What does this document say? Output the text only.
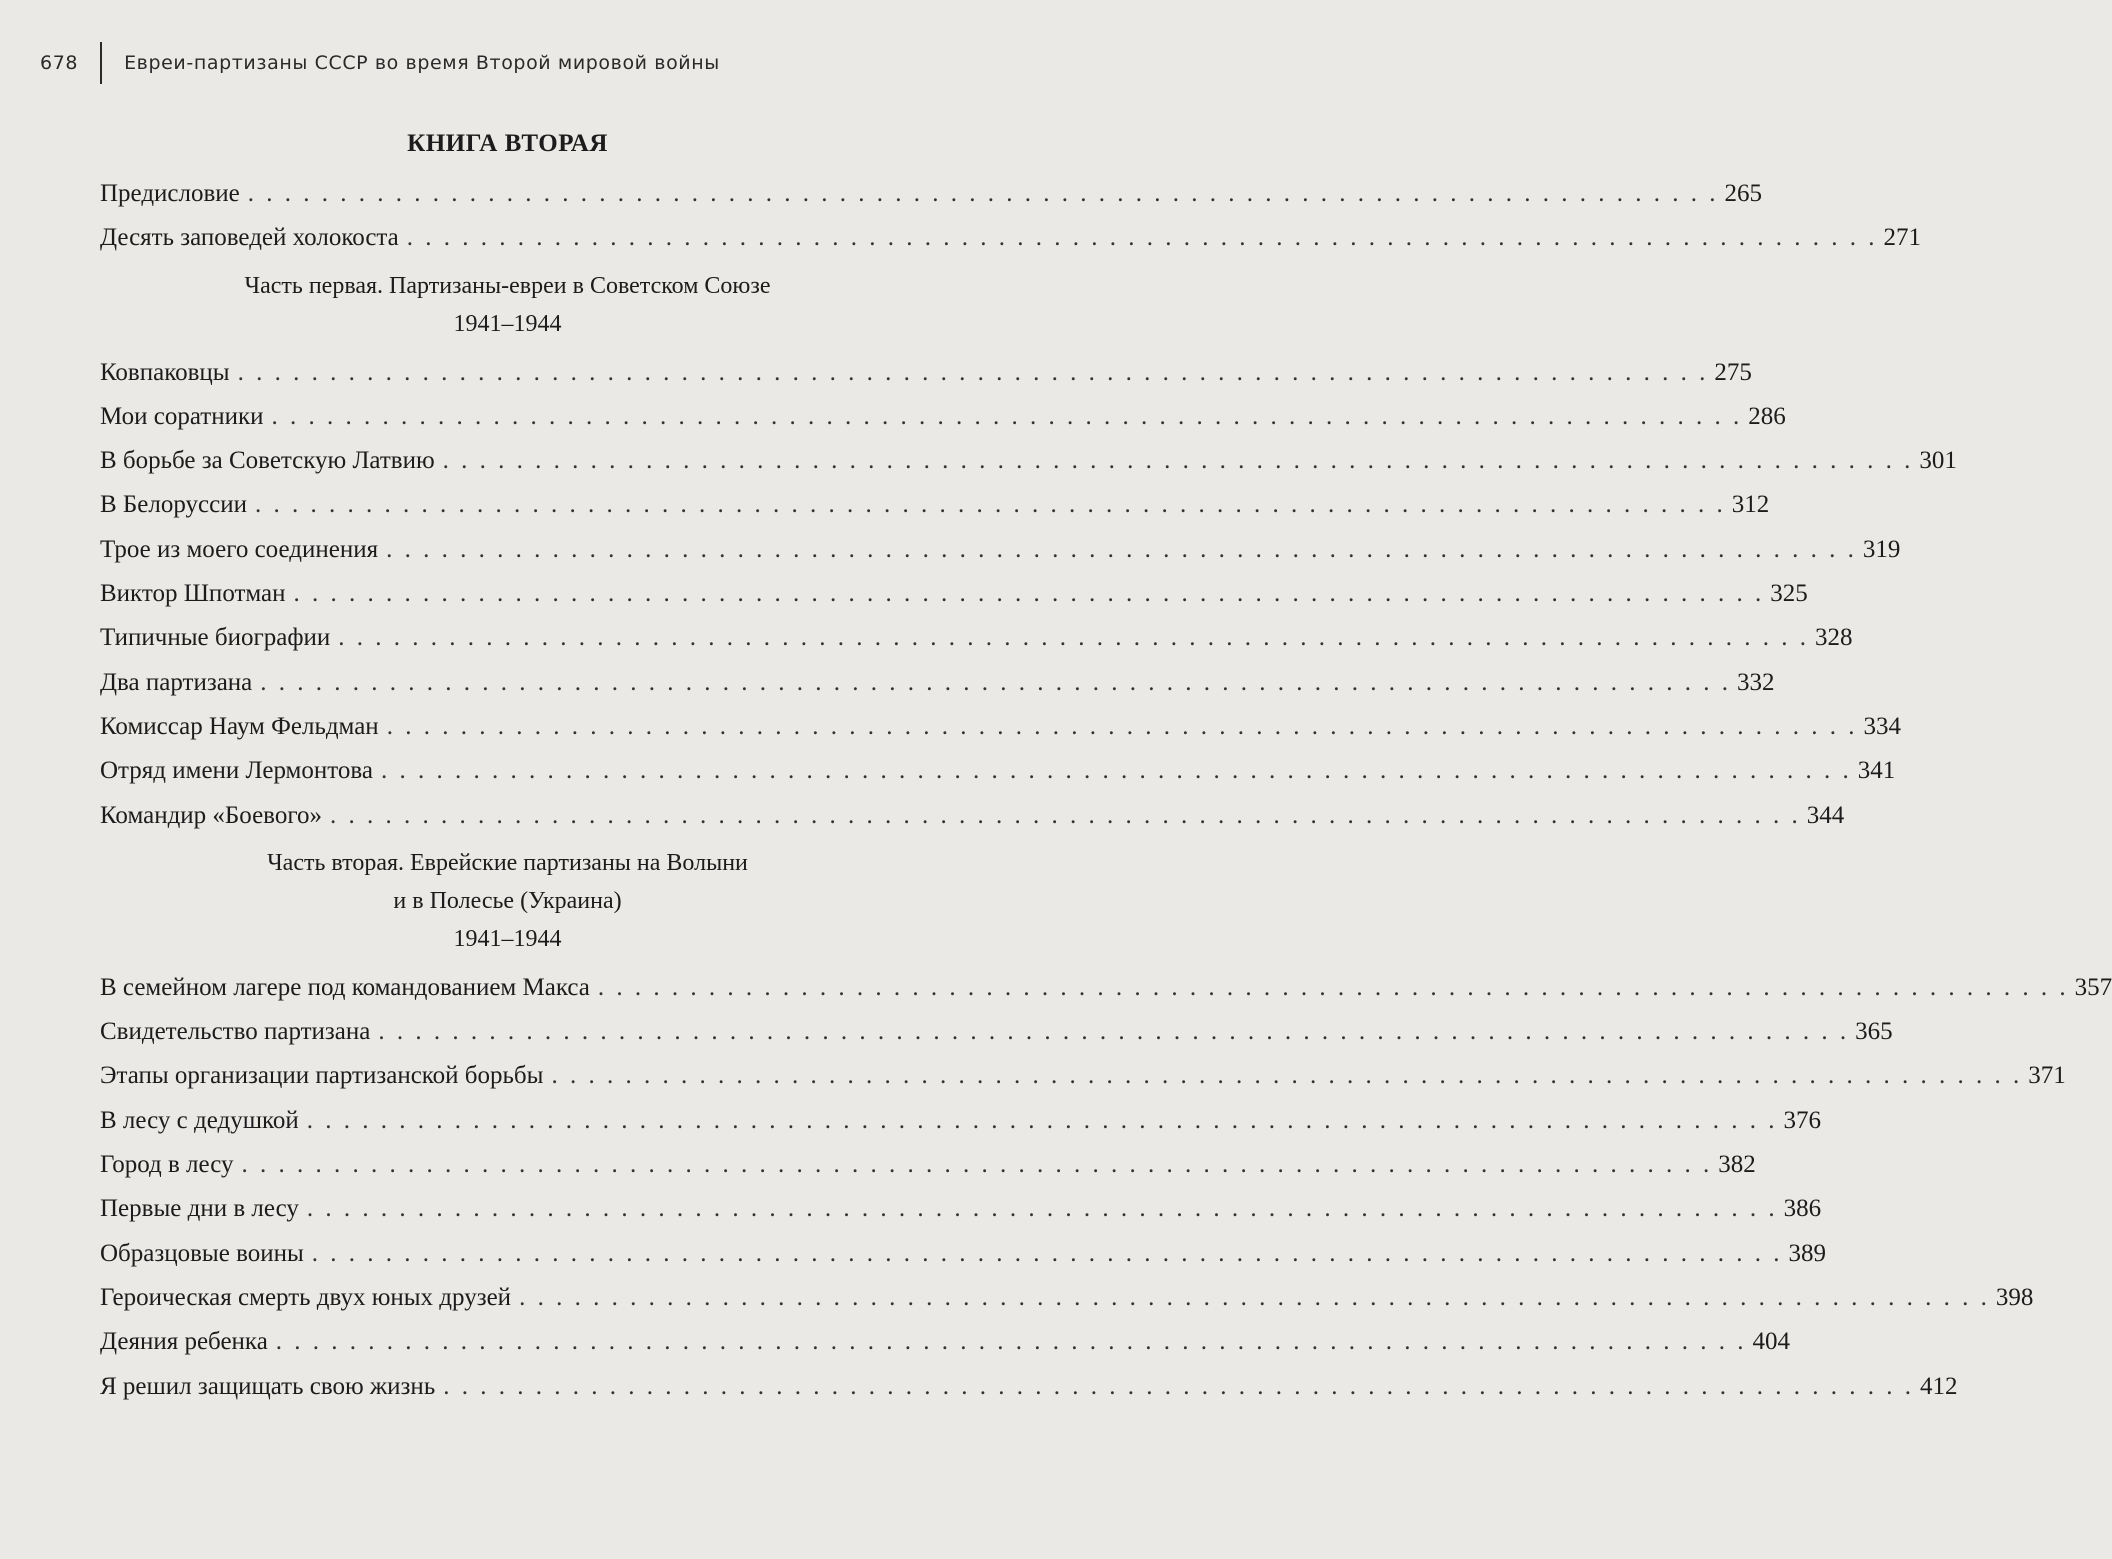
678 Евреи-партизаны СССР во время Второй мировой войны
КНИГА ВТОРАЯ
Предисловие . . . . . . . . . . . . . . . . . . . . . . . . . . . . . . . . . . . . . . . . . . . . . . . . . . . . . . . . . . . . . . . . . . . . . . . . . . . . . . . . 265
Десять заповедей холокоста . . . . . . . . . . . . . . . . . . . . . . . . . . . . . . . . . . . . . . . . . . . . . . . . . . . . . . . . . . . . . . . . . . . . . . . . . . . . . . . . 271
Часть первая. Партизаны-евреи в Советском Союзе
1941–1944
Ковпаковцы . . . . . . . . . . . . . . . . . . . . . . . . . . . . . . . . . . . . . . . . . . . . . . . . . . . . . . . . . . . . . . . . . . . . . . . . . . . . . . . . 275
Мои соратники . . . . . . . . . . . . . . . . . . . . . . . . . . . . . . . . . . . . . . . . . . . . . . . . . . . . . . . . . . . . . . . . . . . . . . . . . . . . . . . . 286
В борьбе за Советскую Латвию . . . . . . . . . . . . . . . . . . . . . . . . . . . . . . . . . . . . . . . . . . . . . . . . . . . . . . . . . . . . . . . . . . . . . . . . . . . . . . . . 301
В Белоруссии . . . . . . . . . . . . . . . . . . . . . . . . . . . . . . . . . . . . . . . . . . . . . . . . . . . . . . . . . . . . . . . . . . . . . . . . . . . . . . . . 312
Трое из моего соединения . . . . . . . . . . . . . . . . . . . . . . . . . . . . . . . . . . . . . . . . . . . . . . . . . . . . . . . . . . . . . . . . . . . . . . . . . . . . . . . . 319
Виктор Шпотман . . . . . . . . . . . . . . . . . . . . . . . . . . . . . . . . . . . . . . . . . . . . . . . . . . . . . . . . . . . . . . . . . . . . . . . . . . . . . . . . 325
Типичные биографии . . . . . . . . . . . . . . . . . . . . . . . . . . . . . . . . . . . . . . . . . . . . . . . . . . . . . . . . . . . . . . . . . . . . . . . . . . . . . . . . 328
Два партизана . . . . . . . . . . . . . . . . . . . . . . . . . . . . . . . . . . . . . . . . . . . . . . . . . . . . . . . . . . . . . . . . . . . . . . . . . . . . . . . . 332
Комиссар Наум Фельдман . . . . . . . . . . . . . . . . . . . . . . . . . . . . . . . . . . . . . . . . . . . . . . . . . . . . . . . . . . . . . . . . . . . . . . . . . . . . . . . . 334
Отряд имени Лермонтова . . . . . . . . . . . . . . . . . . . . . . . . . . . . . . . . . . . . . . . . . . . . . . . . . . . . . . . . . . . . . . . . . . . . . . . . . . . . . . . . 341
Командир «Боевого» . . . . . . . . . . . . . . . . . . . . . . . . . . . . . . . . . . . . . . . . . . . . . . . . . . . . . . . . . . . . . . . . . . . . . . . . . . . . . . . . 344
Часть вторая. Еврейские партизаны на Волыни
и в Полесье (Украина)
1941–1944
В семейном лагере под командованием Макса . . . . . . . . . . . . . . . . . . . . . . . . . . . . . . . . . . . . . . . . . . . . . . . . . . . . . . . . . . . . . . . . . . . . . . . . . . . . . . . . 357
Свидетельство партизана . . . . . . . . . . . . . . . . . . . . . . . . . . . . . . . . . . . . . . . . . . . . . . . . . . . . . . . . . . . . . . . . . . . . . . . . . . . . . . . . 365
Этапы организации партизанской борьбы . . . . . . . . . . . . . . . . . . . . . . . . . . . . . . . . . . . . . . . . . . . . . . . . . . . . . . . . . . . . . . . . . . . . . . . . . . . . . . . . 371
В лесу с дедушкой . . . . . . . . . . . . . . . . . . . . . . . . . . . . . . . . . . . . . . . . . . . . . . . . . . . . . . . . . . . . . . . . . . . . . . . . . . . . . . . . 376
Город в лесу . . . . . . . . . . . . . . . . . . . . . . . . . . . . . . . . . . . . . . . . . . . . . . . . . . . . . . . . . . . . . . . . . . . . . . . . . . . . . . . . 382
Первые дни в лесу . . . . . . . . . . . . . . . . . . . . . . . . . . . . . . . . . . . . . . . . . . . . . . . . . . . . . . . . . . . . . . . . . . . . . . . . . . . . . . . . 386
Образцовые воины . . . . . . . . . . . . . . . . . . . . . . . . . . . . . . . . . . . . . . . . . . . . . . . . . . . . . . . . . . . . . . . . . . . . . . . . . . . . . . . . 389
Героическая смерть двух юных друзей . . . . . . . . . . . . . . . . . . . . . . . . . . . . . . . . . . . . . . . . . . . . . . . . . . . . . . . . . . . . . . . . . . . . . . . . . . . . . . . . 398
Деяния ребенка . . . . . . . . . . . . . . . . . . . . . . . . . . . . . . . . . . . . . . . . . . . . . . . . . . . . . . . . . . . . . . . . . . . . . . . . . . . . . . . . 404
Я решил защищать свою жизнь . . . . . . . . . . . . . . . . . . . . . . . . . . . . . . . . . . . . . . . . . . . . . . . . . . . . . . . . . . . . . . . . . . . . . . . . . . . . . . . . 412
